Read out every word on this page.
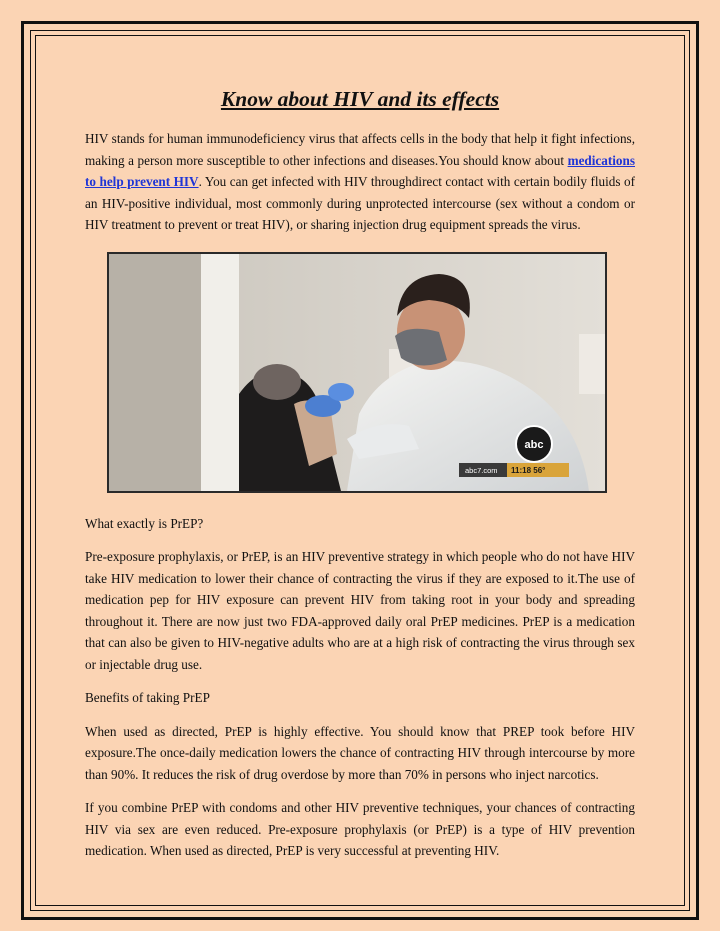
Know about HIV and its effects

HIV stands for human immunodeficiency virus that affects cells in the body that help it fight infections, making a person more susceptible to other infections and diseases.You should know about medications to help prevent HIV. You can get infected with HIV throughdirect contact with certain bodily fluids of an HIV-positive individual, most commonly during unprotected intercourse (sex without a condom or HIV treatment to prevent or treat HIV), or sharing injection drug equipment spreads the virus.

abc
abc7.com 11:18 56°

What exactly is PrEP?

Pre-exposure prophylaxis, or PrEP, is an HIV preventive strategy in which people who do not have HIV take HIV medication to lower their chance of contracting the virus if they are exposed to it.The use of medication pep for HIV exposure can prevent HIV from taking root in your body and spreading throughout it. There are now just two FDA-approved daily oral PrEP medicines. PrEP is a medication that can also be given to HIV-negative adults who are at a high risk of contracting the virus through sex or injectable drug use.

Benefits of taking PrEP

When used as directed, PrEP is highly effective. You should know that PREP took before HIV exposure.The once-daily medication lowers the chance of contracting HIV through intercourse by more than 90%. It reduces the risk of drug overdose by more than 70% in persons who inject narcotics.

If you combine PrEP with condoms and other HIV preventive techniques, your chances of contracting HIV via sex are even reduced. Pre-exposure prophylaxis (or PrEP) is a type of HIV prevention medication. When used as directed, PrEP is very successful at preventing HIV.
